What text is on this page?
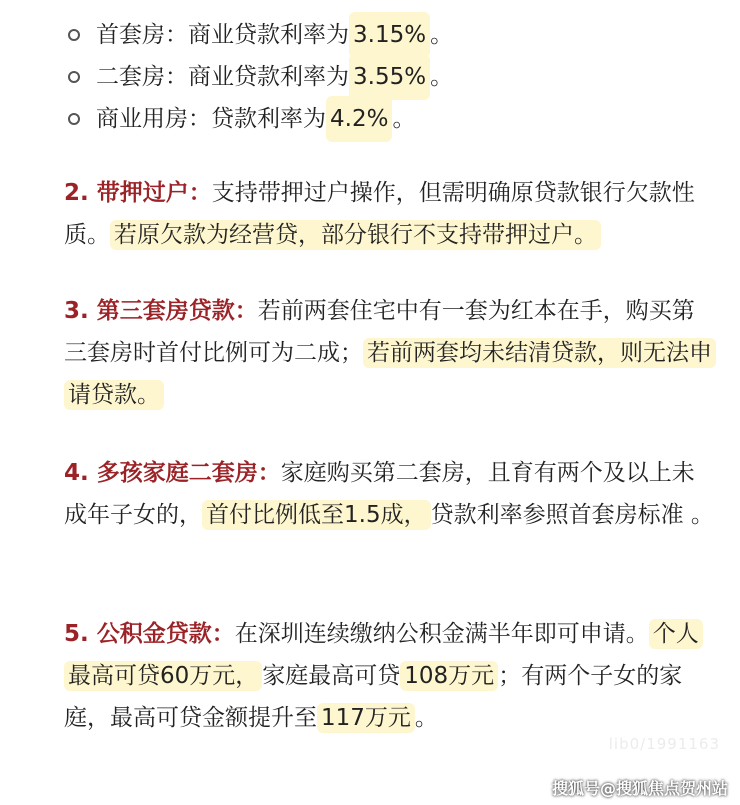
首套房：商业贷款利率为 3.15% 。
二套房：商业贷款利率为 3.55% 。
商业用房：贷款利率为 4.2% 。
2. 带押过户：支持带押过户操作，但需明确原贷款银行欠款性质。 若原欠款为经营贷，部分银行不支持带押过户。
3. 第三套房贷款：若前两套住宅中有一套为红本在手，购买第三套房时首付比例可为二成； 若前两套均未结清贷款，则无法申请贷款。
4. 多孩家庭二套房：家庭购买第二套房，且育有两个及以上未成年子女的， 首付比例低至1.5成， 贷款利率参照首套房标准 。
5. 公积金贷款：在深圳连续缴纳公积金满半年即可申请。 个人最高可贷60万元， 家庭最高可贷 108万元 ；有两个子女的家庭，最高可贷金额提升至 117万元 。
lib0/1991163
搜狐号@搜狐焦点贺州站
